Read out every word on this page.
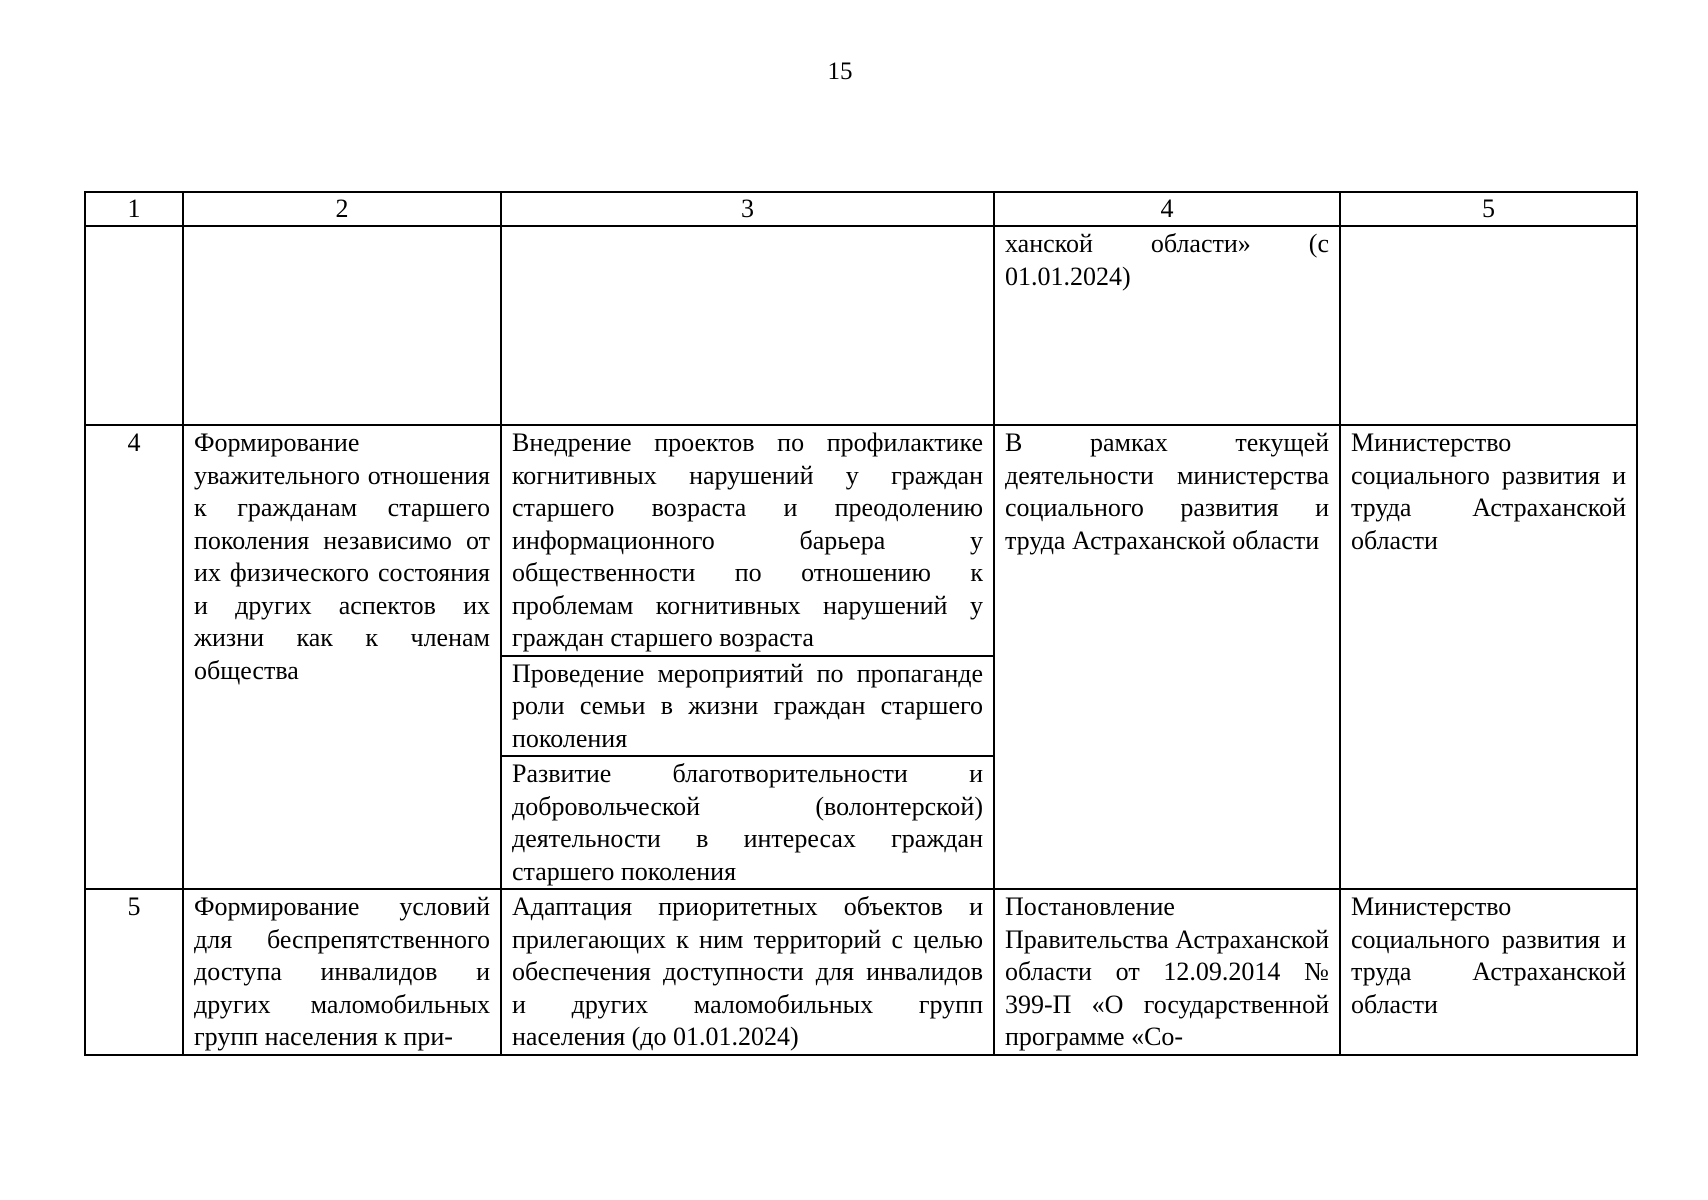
15
1	2	3	4	5
			ханской области» (с 01.01.2024)	
4	Формирование уважительного отношения к гражданам старшего поколения независимо от их физического состояния и других аспектов их жизни как к членам общества	Внедрение проектов по профилактике когнитивных нарушений у граждан старшего возраста и преодолению информационного барьера у общественности по отношению к проблемам когнитивных нарушений у граждан старшего возраста	В рамках текущей деятельности министерства социального развития и труда Астраханской области	Министерство социального развития и труда Астраханской области
		Проведение мероприятий по пропаганде роли семьи в жизни граждан старшего поколения		
		Развитие благотворительности и добровольческой (волонтерской) деятельности в интересах граждан старшего поколения		
5	Формирование условий для беспрепятственного доступа инвалидов и других маломобильных групп населения к при-	Адаптация приоритетных объектов и прилегающих к ним территорий с целью обеспечения доступности для инвалидов и других маломобильных групп населения (до 01.01.2024)	Постановление Правительства Астраханской области от 12.09.2014 № 399-П «О государственной программе «Со-	Министерство социального развития и труда Астраханской области
